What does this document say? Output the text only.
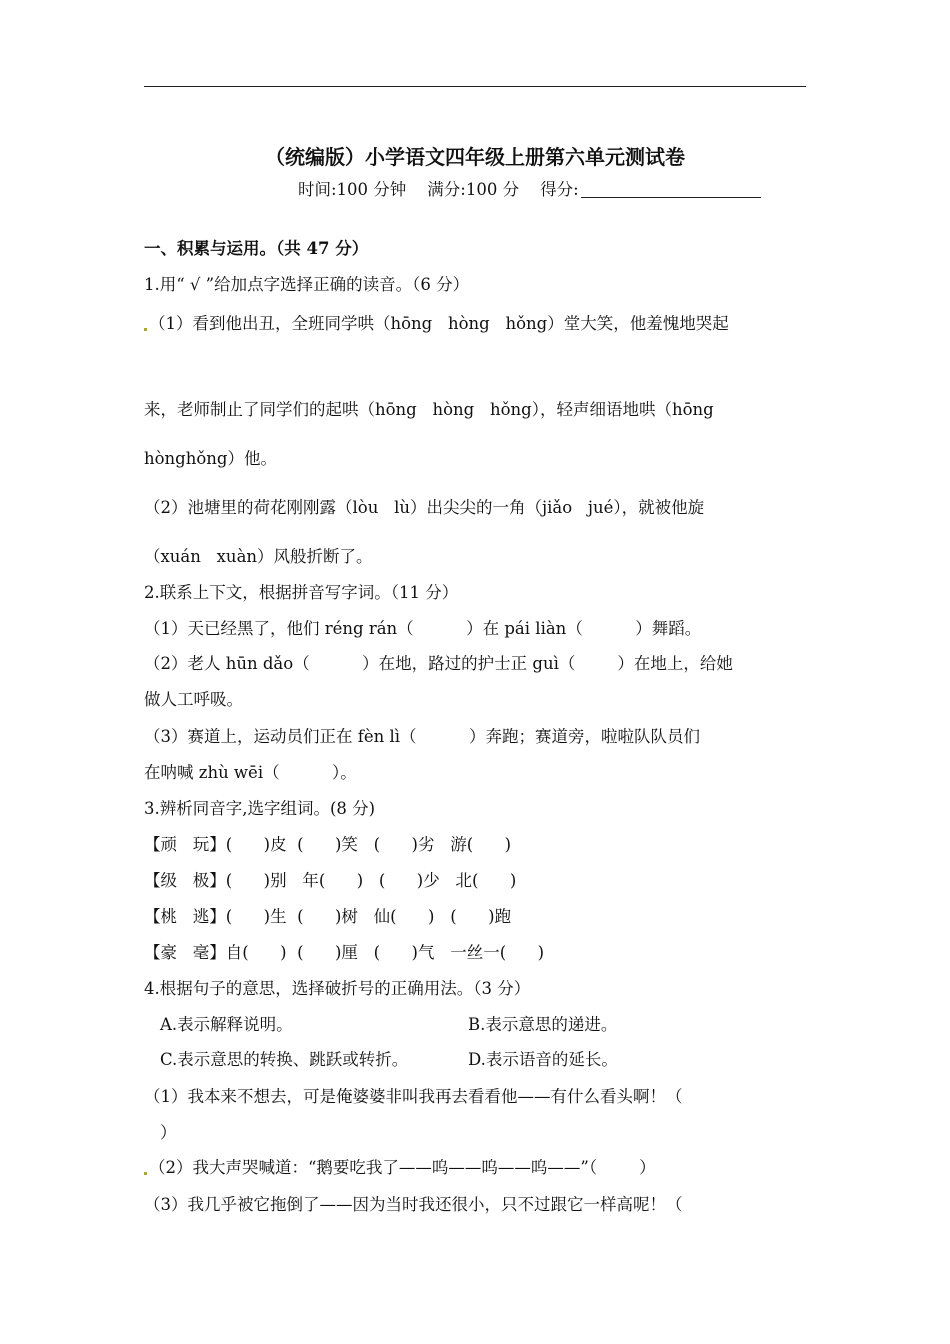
（统编版）小学语文四年级上册第六单元测试卷
时间:100 分钟 满分:100 分 得分:
一、积累与运用。（共 47 分）
1.用“ √ ”给加点字选择正确的读音。（6 分）
（1）看到他出丑，全班同学哄（hōng   hòng   hǒng）堂大笑，他羞愧地哭起
来，老师制止了同学们的起哄（hōng   hòng   hǒng），轻声细语地哄（hōng
hònghǒng）他。
（2）池塘里的荷花刚刚露（lòu   lù）出尖尖的一角（jiǎo   jué），就被他旋
（xuán   xuàn）风般折断了。
2.联系上下文，根据拼音写字词。（11 分）
（1）天已经黑了，他们 réng rán（          ）在 pái liàn（          ）舞蹈。
（2）老人 hūn dǎo（          ）在地，路过的护士正 guì（        ）在地上，给她
做人工呼吸。
（3）赛道上，运动员们正在 fèn lì（          ）奔跑；赛道旁，啦啦队队员们
在呐喊 zhù wēi（          ）。
3.辨析同音字,选字组词。(8 分)
【顽   玩】(      )皮  (      )笑   (      )劣   游(      )
【级   极】(      )别   年(      )   (      )少   北(      )
【桃   逃】(      )生  (      )树   仙(      )   (      )跑
【豪   毫】自(      )  (      )厘   (      )气   一丝一(      )
4.根据句子的意思，选择破折号的正确用法。（3 分）
A.表示解释说明。	B.表示意思的递进。
C.表示意思的转换、跳跃或转折。	D.表示语音的延长。
（1）我本来不想去，可是俺婆婆非叫我再去看看他——有什么看头啊！（
）
（2）我大声哭喊道：“鹅要吃我了——呜——呜——呜——”（        ）
（3）我几乎被它拖倒了——因为当时我还很小，只不过跟它一样高呢！（
